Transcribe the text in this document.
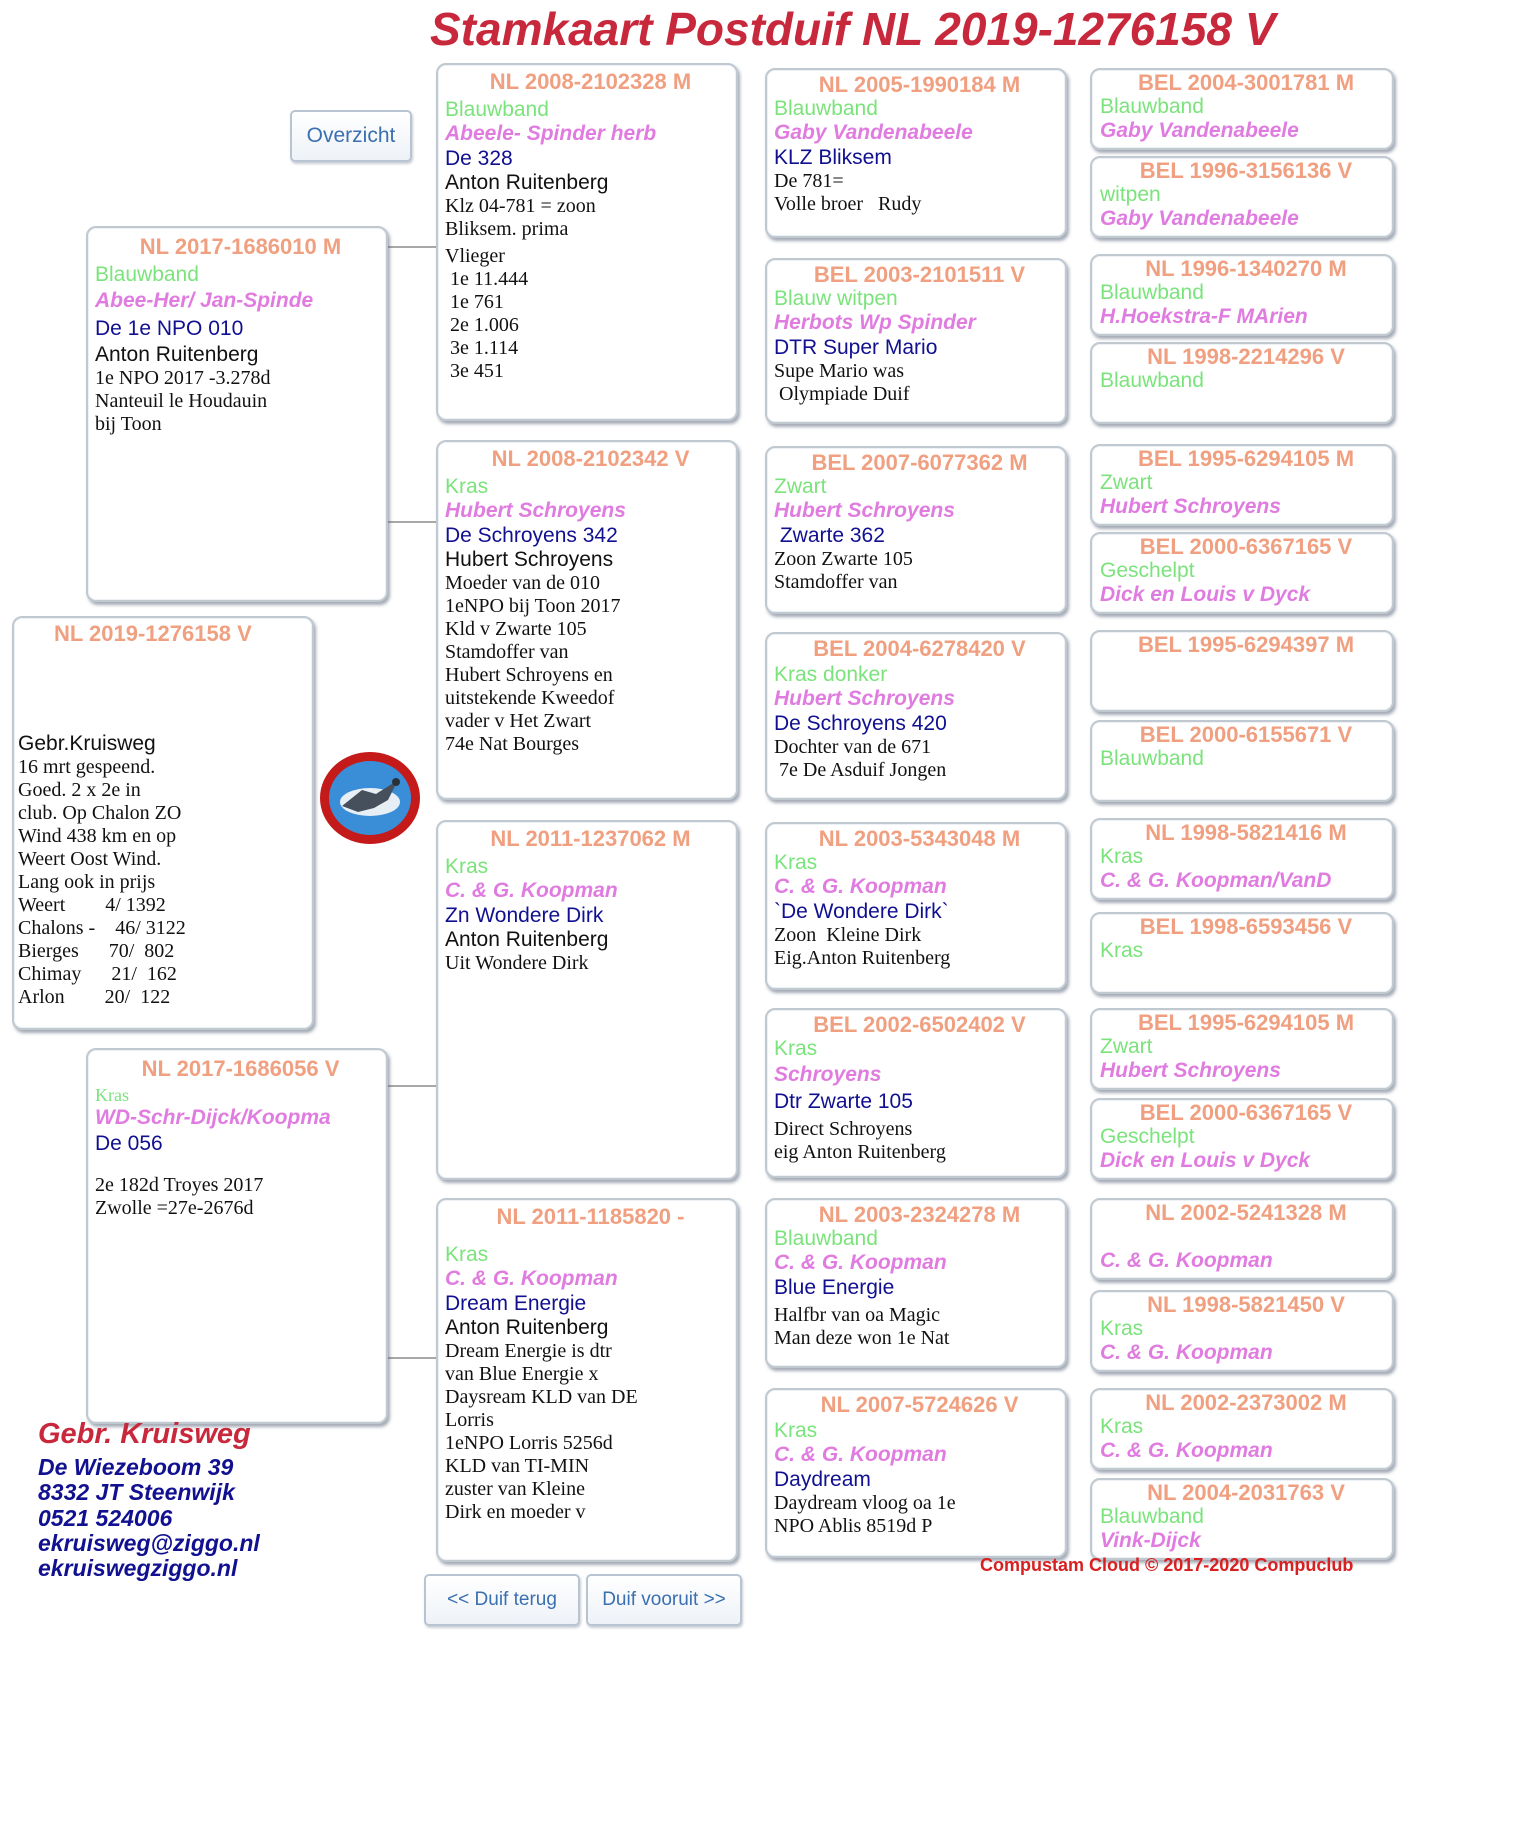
Stamkaart Postduif NL 2019-1276158 V
Overzicht
NL 2019-1276158 V
Gebr.Kruisweg
16 mrt gespeend.
Goed. 2 x 2e in
club. Op Chalon ZO
Wind 438 km en op
Weert Oost Wind.
Lang ook in prijs
Weert        4/ 1392
Chalons -    46/ 3122
Bierges      70/  802
Chimay      21/  162
Arlon        20/  122
NL 2017-1686010 M
Blauwband
Abee-Her/ Jan-Spinde
De 1e NPO 010
Anton Ruitenberg
1e NPO 2017 -3.278d
Nanteuil le Houdauin
bij Toon
NL 2017-1686056 V
Kras
WD-Schr-Dijck/Koopma
De 056
2e 182d Troyes 2017
Zwolle =27e-2676d
NL 2008-2102328 M
Blauwband
Abeele- Spinder herb
De 328
Anton Ruitenberg
Klz 04-781 = zoon
Bliksem. prima
Vlieger
1e 11.444
1e 761
2e 1.006
3e 1.114
3e 451
NL 2008-2102342 V
Kras
Hubert Schroyens
De Schroyens 342
Hubert Schroyens
Moeder van de 010
1eNPO bij Toon 2017
Kld v Zwarte 105
Stamdoffer van
Hubert Schroyens en
uitstekende Kweedof
vader v Het Zwart
74e Nat Bourges
NL 2011-1237062 M
Kras
C. & G. Koopman
Zn Wondere Dirk
Anton Ruitenberg
Uit Wondere Dirk
NL 2011-1185820 -
Kras
C. & G. Koopman
Dream Energie
Anton Ruitenberg
Dream Energie is dtr
van Blue Energie x
Daysream KLD van DE
Lorris
1eNPO Lorris 5256d
KLD van TI-MIN
zuster van Kleine
Dirk en moeder v
NL 2005-1990184 M
Blauwband
Gaby Vandenabeele
KLZ Bliksem
De 781=
Volle broer   Rudy
BEL 2003-2101511 V
Blauw witpen
Herbots Wp Spinder
DTR Super Mario
Supe Mario was
Olympiade Duif
BEL 2007-6077362 M
Zwart
Hubert Schroyens
Zwarte 362
Zoon Zwarte 105
Stamdoffer van
BEL 2004-6278420 V
Kras donker
Hubert Schroyens
De Schroyens 420
Dochter van de 671
7e De Asduif Jongen
NL 2003-5343048 M
Kras
C. & G. Koopman
`De Wondere Dirk`
Zoon  Kleine Dirk
Eig.Anton Ruitenberg
BEL 2002-6502402 V
Kras
Schroyens
Dtr Zwarte 105
Direct Schroyens
eig Anton Ruitenberg
NL 2003-2324278 M
Blauwband
C. & G. Koopman
Blue Energie
Halfbr van oa Magic
Man deze won 1e Nat
NL 2007-5724626 V
Kras
C. & G. Koopman
Daydream
Daydream vloog oa 1e
NPO Ablis 8519d P
BEL 2004-3001781 M
Blauwband
Gaby Vandenabeele
BEL 1996-3156136 V
witpen
Gaby Vandenabeele
NL 1996-1340270 M
Blauwband
H.Hoekstra-F MArien
NL 1998-2214296 V
Blauwband
BEL 1995-6294105 M
Zwart
Hubert Schroyens
BEL 2000-6367165 V
Geschelpt
Dick en Louis v Dyck
BEL 1995-6294397 M
BEL 2000-6155671 V
Blauwband
NL 1998-5821416 M
Kras
C. & G. Koopman/VanD
BEL 1998-6593456 V
Kras
BEL 1995-6294105 M
Zwart
Hubert Schroyens
BEL 2000-6367165 V
Geschelpt
Dick en Louis v Dyck
NL 2002-5241328 M
C. & G. Koopman
NL 1998-5821450 V
Kras
C. & G. Koopman
NL 2002-2373002 M
Kras
C. & G. Koopman
NL 2004-2031763 V
Blauwband
Vink-Dijck
Gebr. Kruisweg
De Wiezeboom 39
8332 JT Steenwijk
0521 524006
ekruisweg@ziggo.nl
ekruiswegziggo.nl
<< Duif terug	Duif vooruit >>
Compustam Cloud © 2017-2020 Compuclub
